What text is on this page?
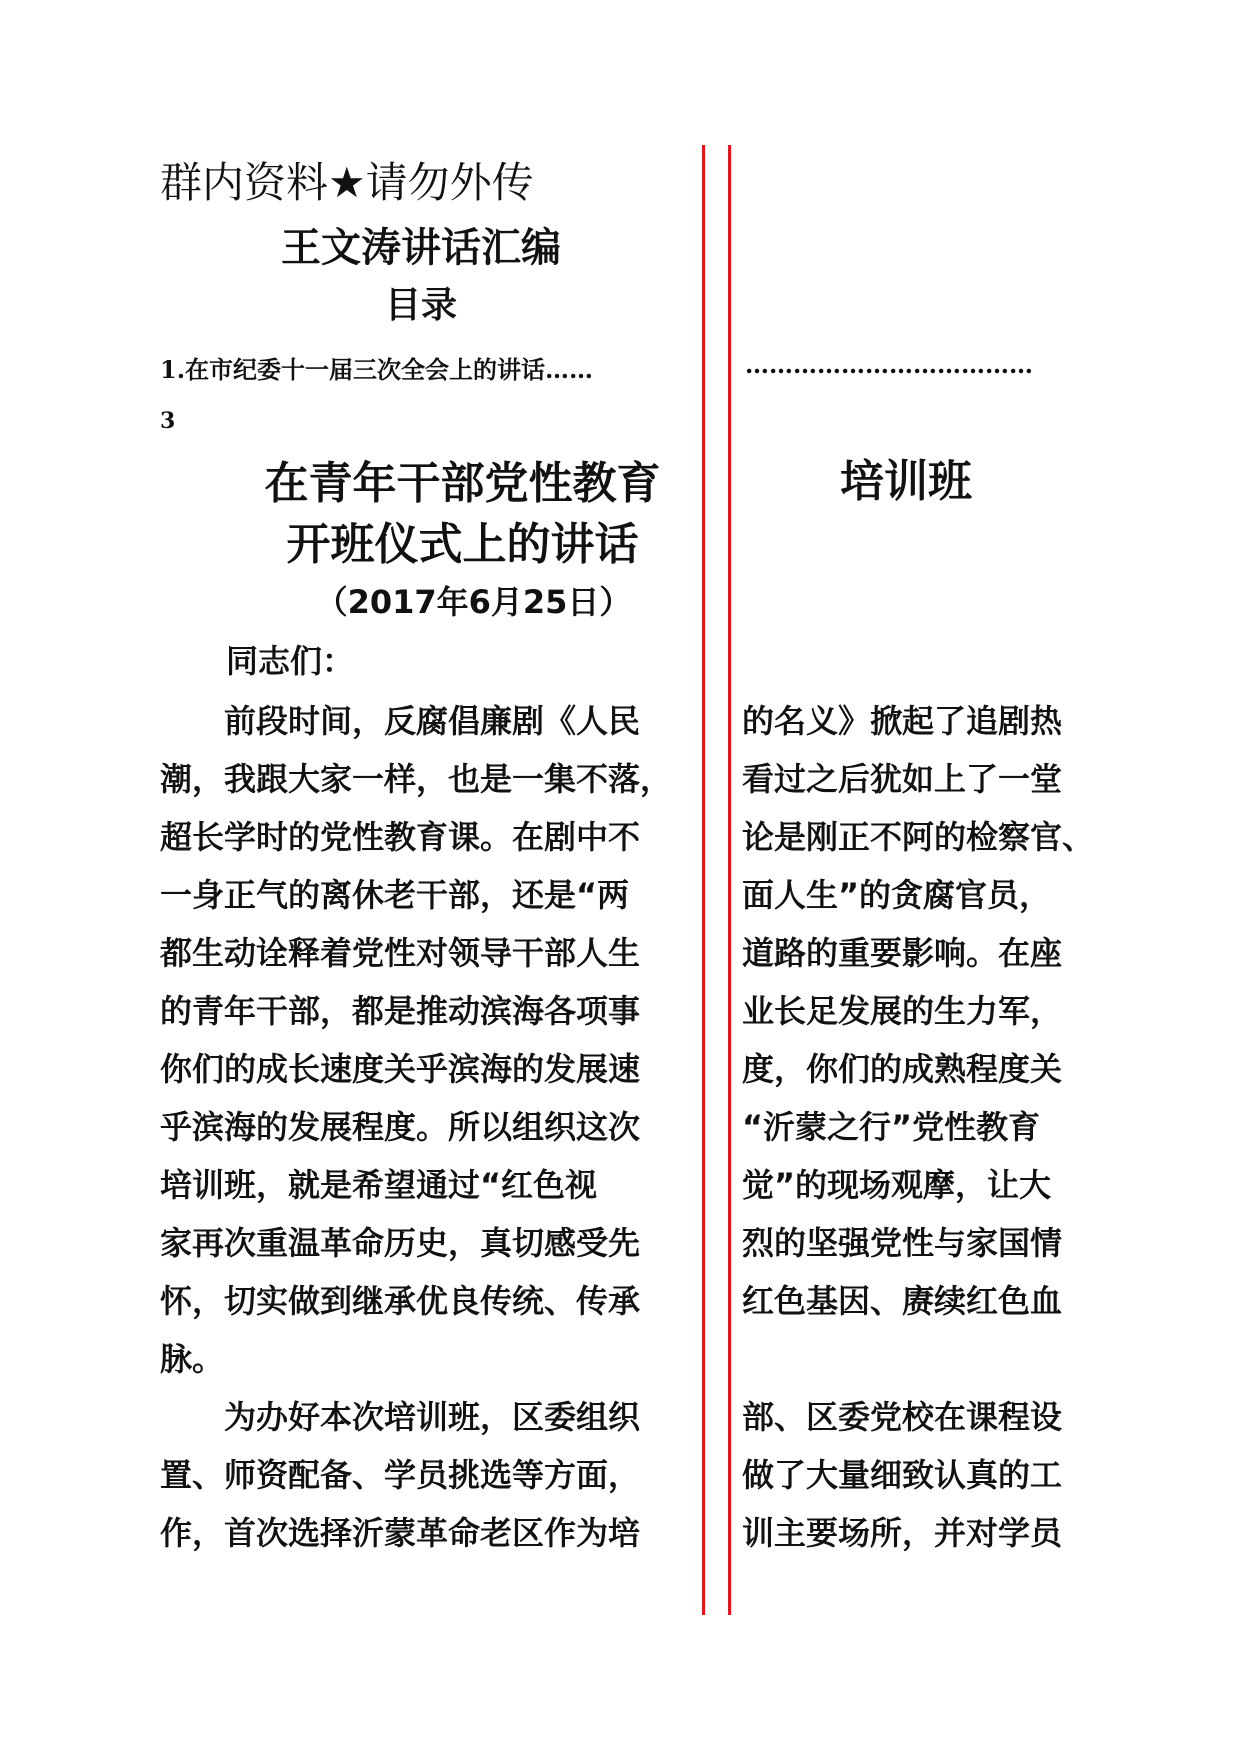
群内资料★请勿外传
王文涛讲话汇编
目录
1.在市纪委十一届三次全会上的讲话……	………………………………
3
在青年干部党性教育	培训班
开班仪式上的讲话
（2017年6月25日）
同志们：
　　前段时间，反腐倡廉剧《人民
潮，我跟大家一样，也是一集不落，
超长学时的党性教育课。在剧中不
一身正气的离休老干部，还是“两
都生动诠释着党性对领导干部人生
的青年干部，都是推动滨海各项事
你们的成长速度关乎滨海的发展速
乎滨海的发展程度。所以组织这次
培训班，就是希望通过“红色视
家再次重温革命历史，真切感受先
怀，切实做到继承优良传统、传承
脉。
　　为办好本次培训班，区委组织
置、师资配备、学员挑选等方面，
作，首次选择沂蒙革命老区作为培
的名义》掀起了追剧热
看过之后犹如上了一堂
论是刚正不阿的检察官、
面人生”的贪腐官员，
道路的重要影响。在座
业长足发展的生力军，
度，你们的成熟程度关
“沂蒙之行”党性教育
觉”的现场观摩，让大
烈的坚强党性与家国情
红色基因、赓续红色血
部、区委党校在课程设
做了大量细致认真的工
训主要场所，并对学员
